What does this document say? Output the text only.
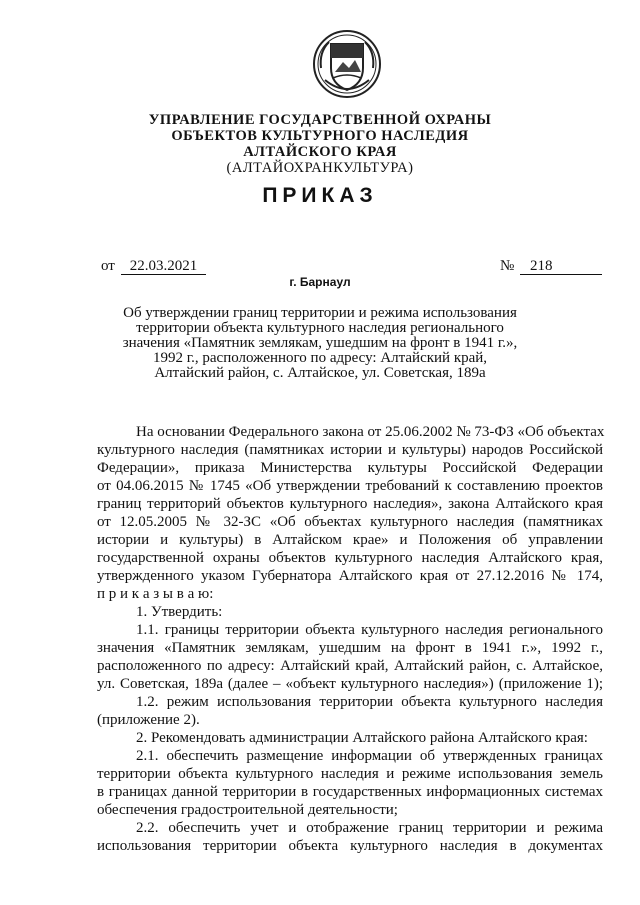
УПРАВЛЕНИЕ ГОСУДАРСТВЕННОЙ ОХРАНЫ
ОБЪЕКТОВ КУЛЬТУРНОГО НАСЛЕДИЯ
АЛТАЙСКОГО КРАЯ
(АЛТАЙОХРАНКУЛЬТУРА)
ПРИКАЗ
от 22.03.2021	№	218
г. Барнаул
Об утверждении границ территории и режима использования
территории объекта культурного наследия регионального
значения «Памятник землякам, ушедшим на фронт в 1941 г.»,
1992 г., расположенного по адресу: Алтайский край,
Алтайский район, с. Алтайское, ул. Советская, 189а
На основании Федерального закона от 25.06.2002 № 73-ФЗ «Об объектах
культурного наследия (памятниках истории и культуры) народов Российской
Федерации», приказа Министерства культуры Российской Федерации
от 04.06.2015 № 1745 «Об утверждении требований к составлению проектов
границ территорий объектов культурного наследия», закона Алтайского края
от 12.05.2005 № 32-ЗС «Об объектах культурного наследия (памятниках
истории и культуры) в Алтайском крае» и Положения об управлении
государственной охраны объектов культурного наследия Алтайского края,
утвержденного указом Губернатора Алтайского края от 27.12.2016 № 174,
п р и к а з ы в а ю:
1. Утвердить:
1.1. границы территории объекта культурного наследия регионального
значения «Памятник землякам, ушедшим на фронт в 1941 г.», 1992 г.,
расположенного по адресу: Алтайский край, Алтайский район, с. Алтайское,
ул. Советская, 189а (далее – «объект культурного наследия») (приложение 1);
1.2. режим использования территории объекта культурного наследия
(приложение 2).
2. Рекомендовать администрации Алтайского района Алтайского края:
2.1. обеспечить размещение информации об утвержденных границах
территории объекта культурного наследия и режиме использования земель
в границах данной территории в государственных информационных системах
обеспечения градостроительной деятельности;
2.2. обеспечить учет и отображение границ территории и режима
использования территории объекта культурного наследия в документах
